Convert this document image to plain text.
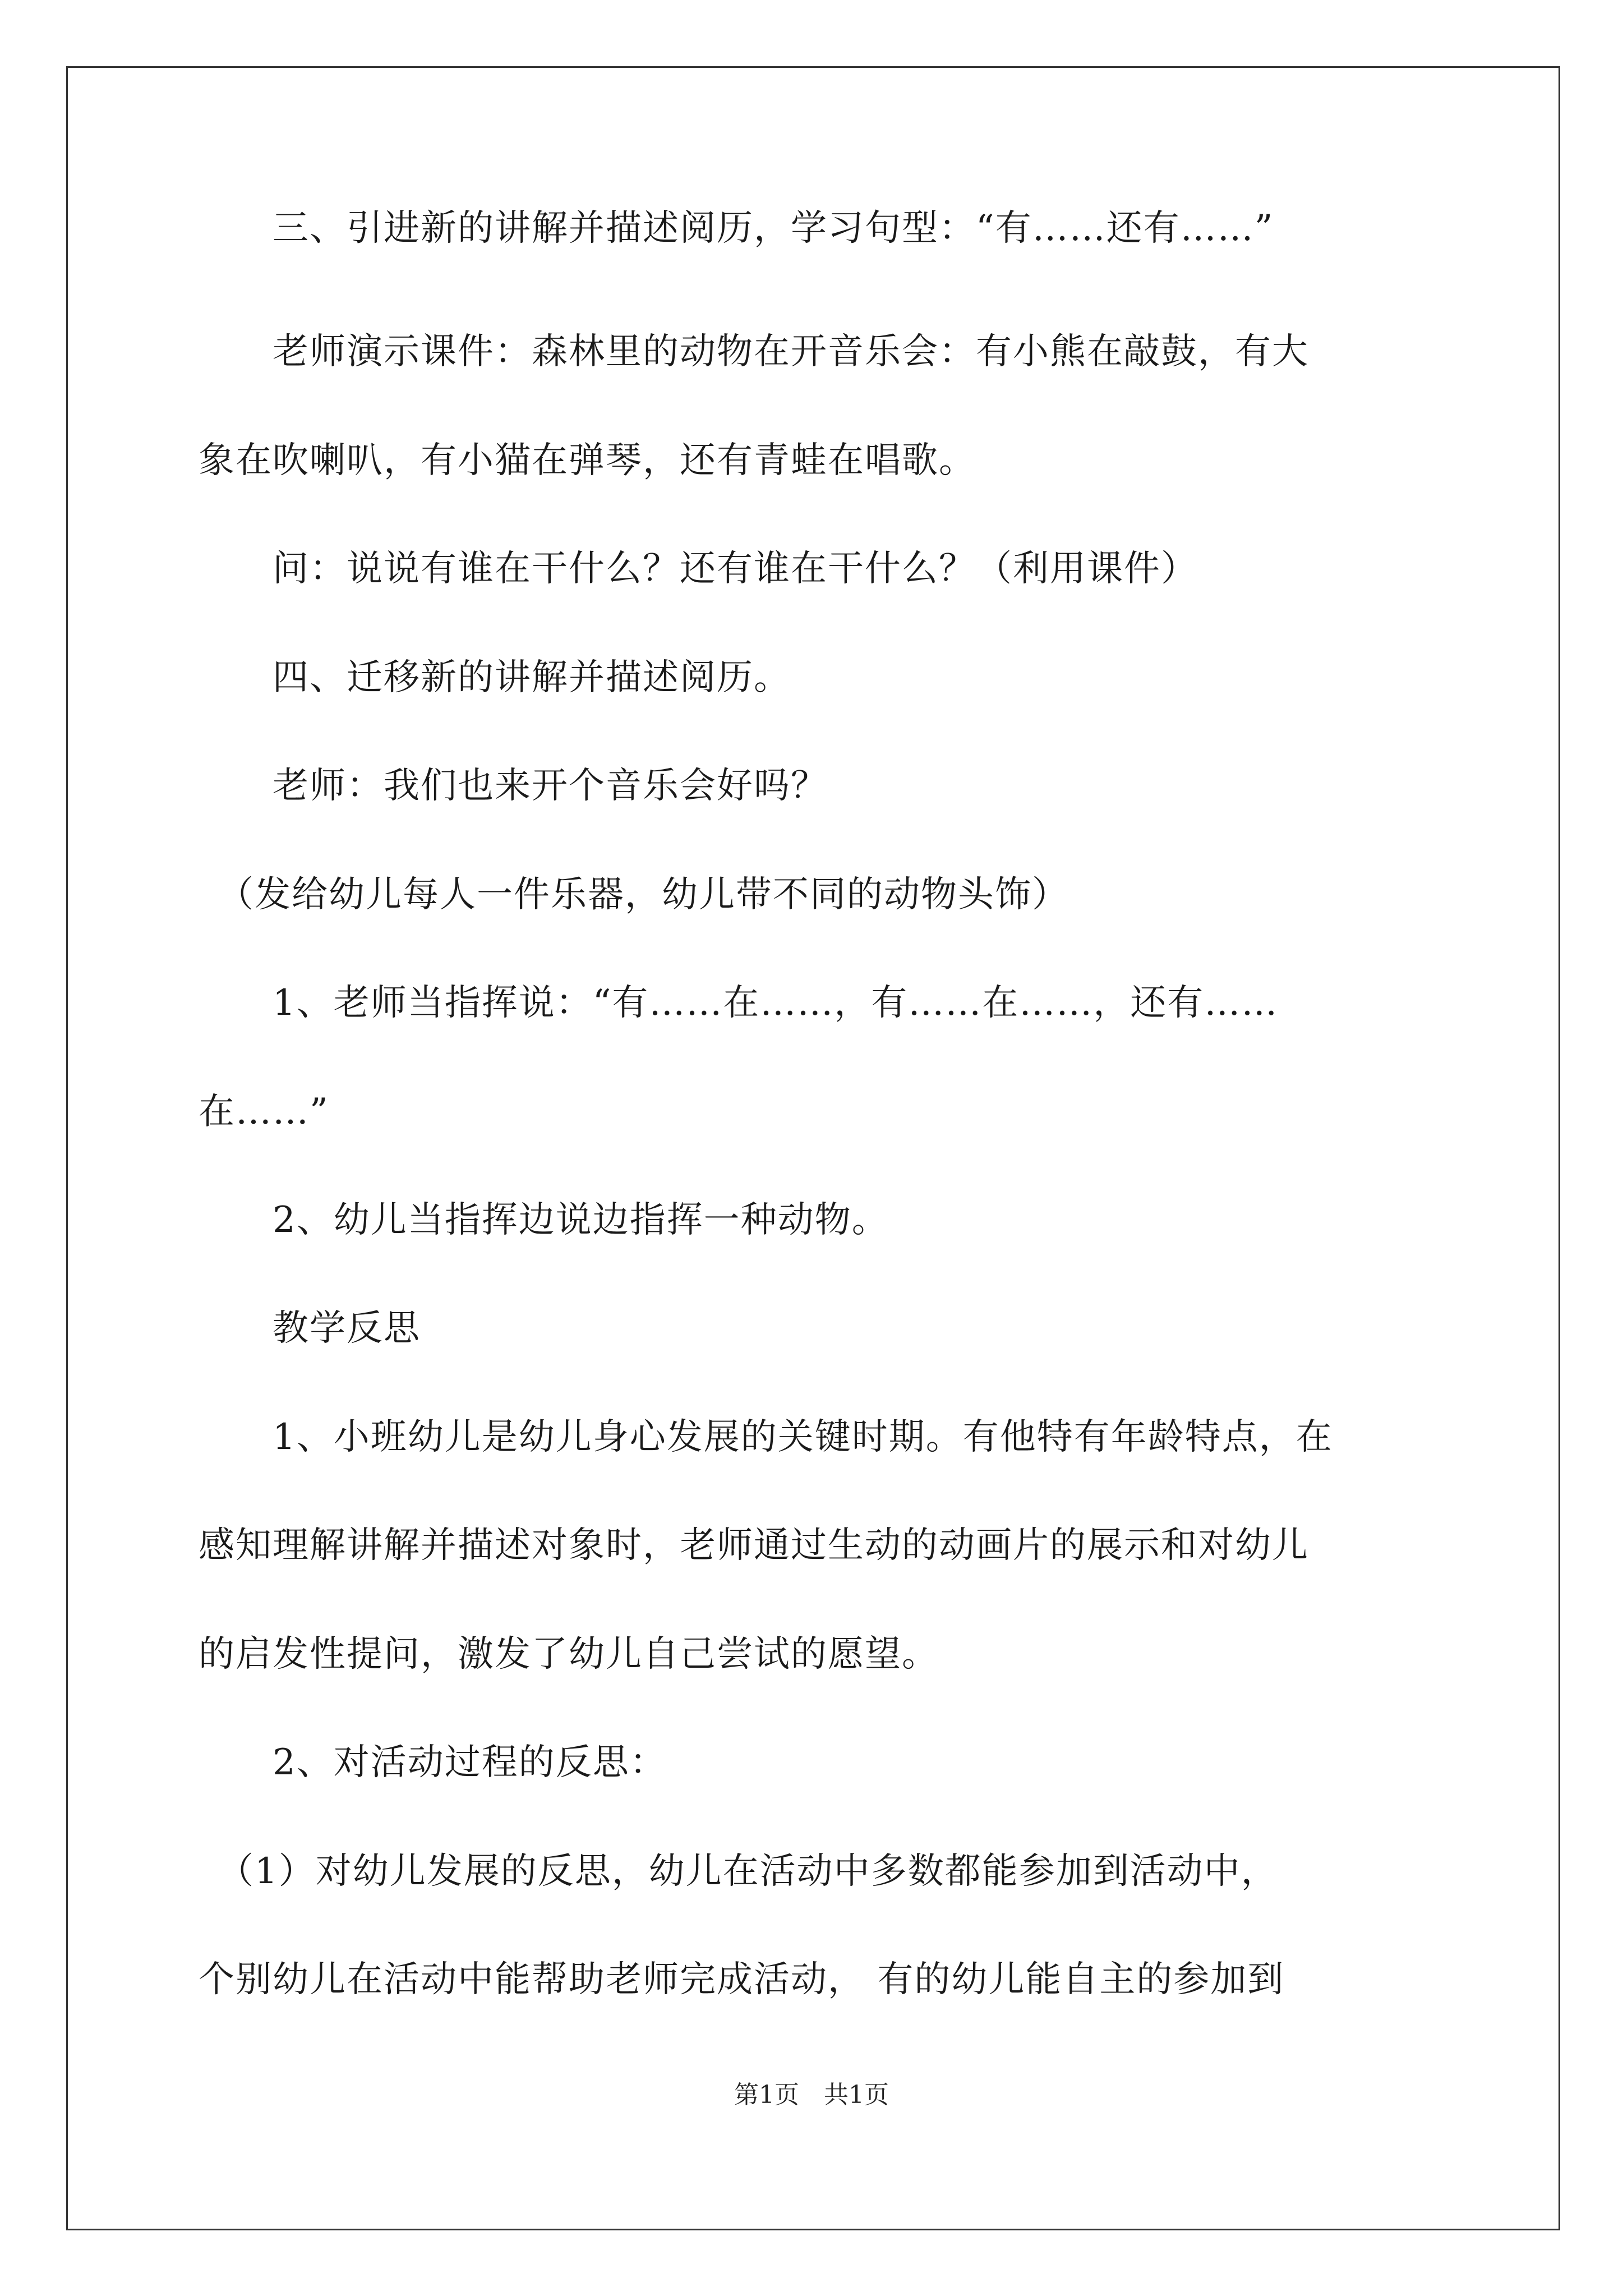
　　三、引进新的讲解并描述阅历，学习句型：“有……还有……”
　　老师演示课件：森林里的动物在开音乐会：有小熊在敲鼓，有大
象在吹喇叭，有小猫在弹琴，还有青蛙在唱歌。
　　问：说说有谁在干什么？还有谁在干什么？（利用课件）
　　四、迁移新的讲解并描述阅历。
　　老师：我们也来开个音乐会好吗？
　（发给幼儿每人一件乐器，幼儿带不同的动物头饰）
　　1、老师当指挥说：“有……在……，有……在……，还有……
在……”
　　2、幼儿当指挥边说边指挥一种动物。
　　教学反思
　　1、小班幼儿是幼儿身心发展的关键时期。有他特有年龄特点，在
感知理解讲解并描述对象时，老师通过生动的动画片的展示和对幼儿
的启发性提问，激发了幼儿自己尝试的愿望。
　　2、对活动过程的反思：
　（1）对幼儿发展的反思，幼儿在活动中多数都能参加到活动中，
个别幼儿在活动中能帮助老师完成活动， 有的幼儿能自主的参加到
第1页　共1页
